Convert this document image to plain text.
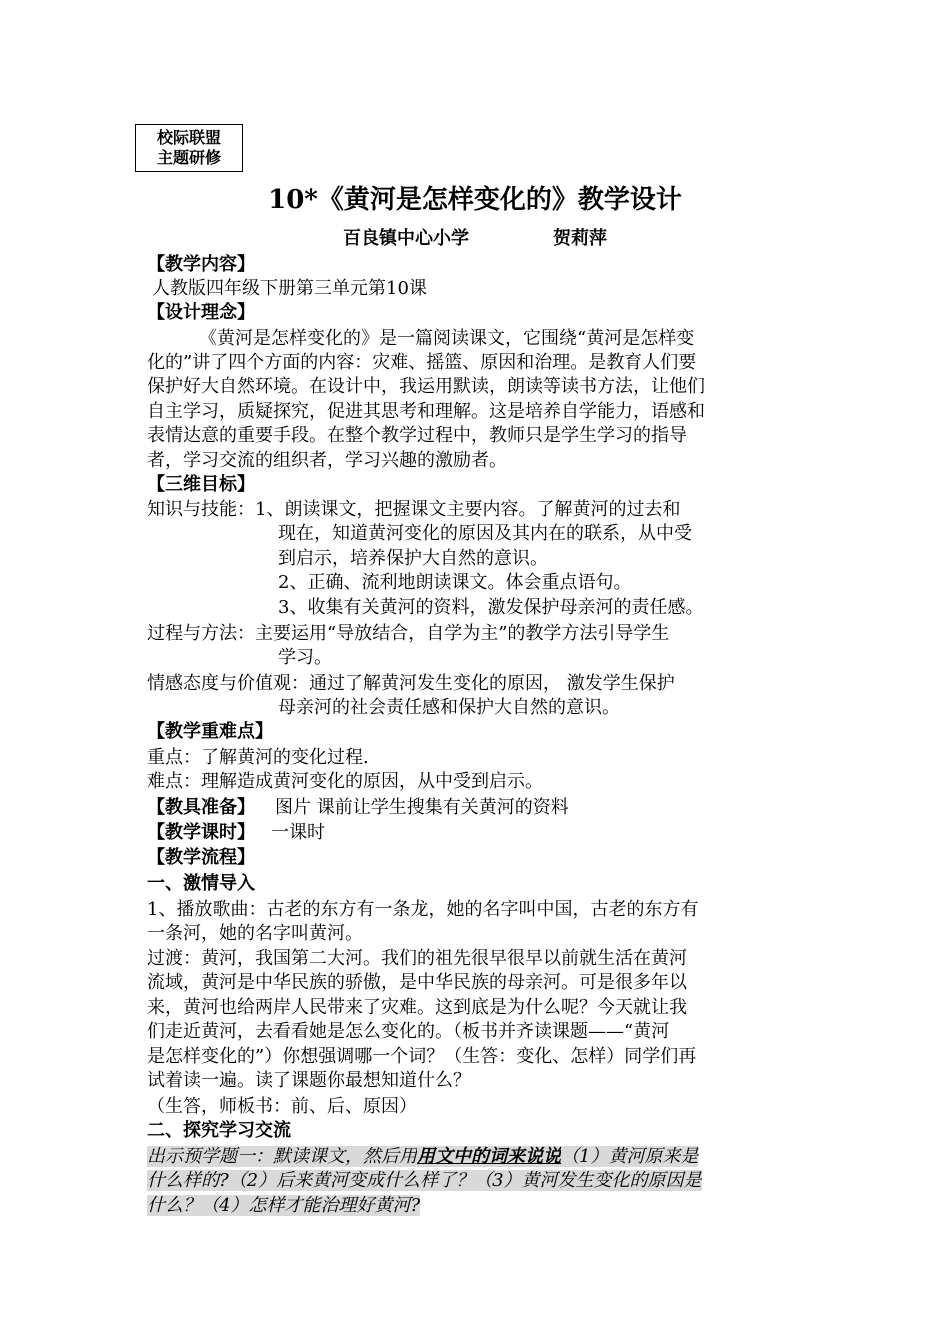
校际联盟
主题研修
10*《黄河是怎样变化的》教学设计
百良镇中心小学	贺莉萍
【教学内容】
人教版四年级下册第三单元第10课
【设计理念】
《黄河是怎样变化的》是一篇阅读课文，它围绕“黄河是怎样变
化的”讲了四个方面的内容：灾难、摇篮、原因和治理。是教育人们要
保护好大自然环境。在设计中，我运用默读，朗读等读书方法，让他们
自主学习，质疑探究，促进其思考和理解。这是培养自学能力，语感和
表情达意的重要手段。在整个教学过程中，教师只是学生学习的指导
者，学习交流的组织者，学习兴趣的激励者。
【三维目标】
知识与技能：1、朗读课文，把握课文主要内容。了解黄河的过去和
现在，知道黄河变化的原因及其内在的联系，从中受
到启示，培养保护大自然的意识。
2、正确、流利地朗读课文。体会重点语句。
3、收集有关黄河的资料，激发保护母亲河的责任感。
过程与方法：主要运用“导放结合，自学为主”的教学方法引导学生
学习。
情感态度与价值观：通过了解黄河发生变化的原因， 激发学生保护
母亲河的社会责任感和保护大自然的意识。
【教学重难点】
重点：了解黄河的变化过程.
难点：理解造成黄河变化的原因，从中受到启示。
【教具准备】 图片 课前让学生搜集有关黄河的资料
【教学课时】 一课时
【教学流程】
一、激情导入
1、播放歌曲：古老的东方有一条龙，她的名字叫中国，古老的东方有
一条河，她的名字叫黄河。
过渡：黄河，我国第二大河。我们的祖先很早很早以前就生活在黄河
流域，黄河是中华民族的骄傲，是中华民族的母亲河。可是很多年以
来，黄河也给两岸人民带来了灾难。这到底是为什么呢？今天就让我
们走近黄河，去看看她是怎么变化的。（板书并齐读课题——“黄河
是怎样变化的”）你想强调哪一个词？（生答：变化、怎样）同学们再
试着读一遍。读了课题你最想知道什么？
（生答，师板书：前、后、原因）
二、探究学习交流
出示预学题一：默读课文，然后用用文中的词来说说（1）黄河原来是
什么样的?（2）后来黄河变成什么样了？（3）黄河发生变化的原因是
什么？（4）怎样才能治理好黄河?
